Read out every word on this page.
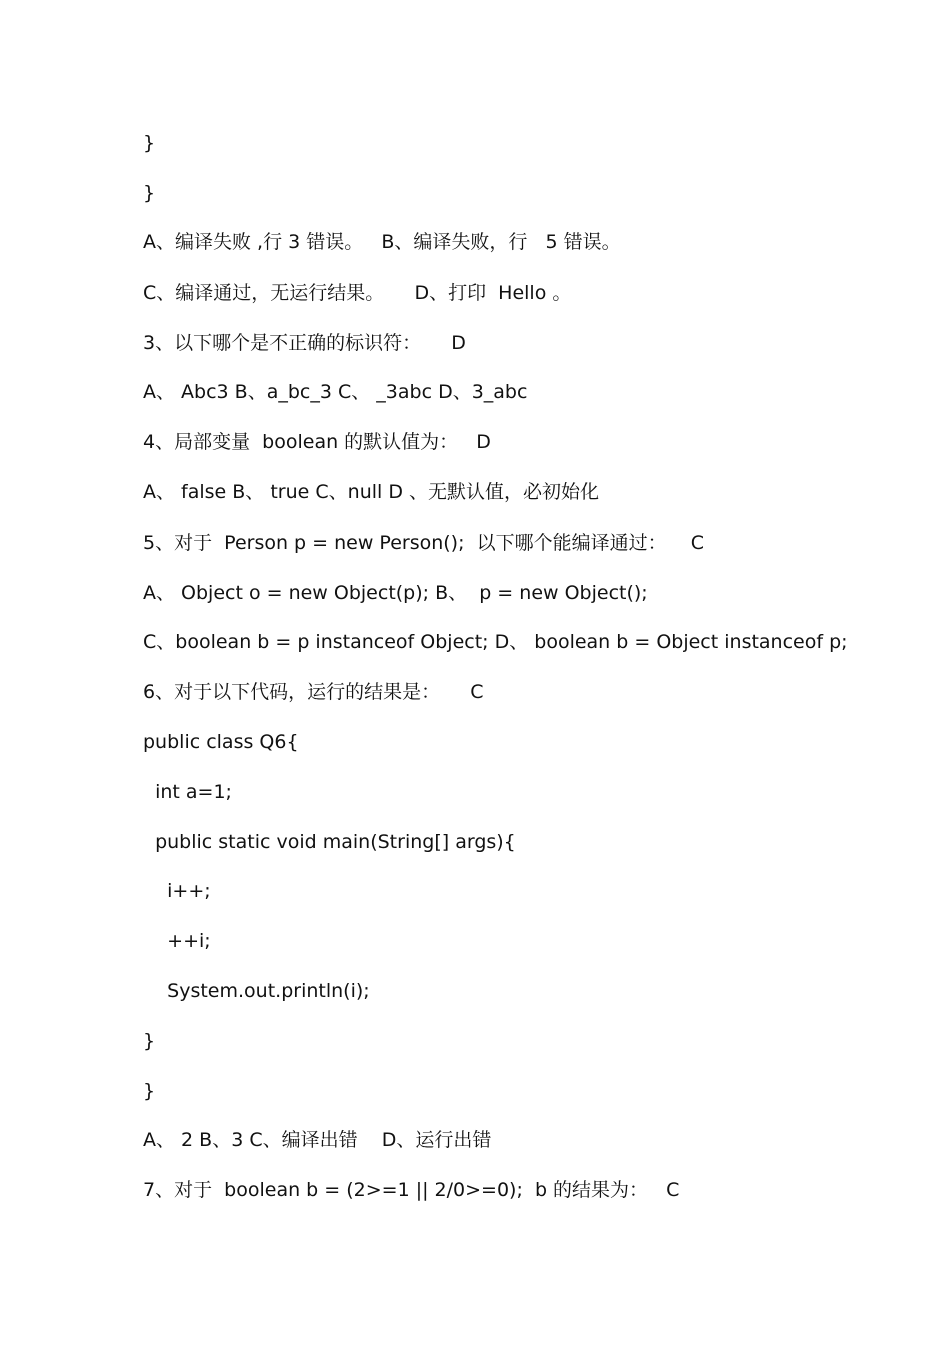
}
}
A、编译失败 ,行 3 错误。   B、编译失败，行   5 错误。
C、编译通过，无运行结果。     D、打印  Hello 。
3、以下哪个是不正确的标识符：     D
A、 Abc3 B、a_bc_3 C、 _3abc D、3_abc
4、局部变量  boolean 的默认值为：   D
A、 false B、 true C、null D 、无默认值，必初始化
5、对于  Person p = new Person();  以下哪个能编译通过：    C
A、 Object o = new Object(p); B、  p = new Object();
C、boolean b = p instanceof Object; D、 boolean b = Object instanceof p;
6、对于以下代码，运行的结果是：     C
public class Q6{
int a=1;
public static void main(String[] args){
i++;
++i;
System.out.println(i);
}
}
A、 2 B、3 C、编译出错    D、运行出错
7、对于  boolean b = (2>=1 || 2/0>=0);  b 的结果为：   C
